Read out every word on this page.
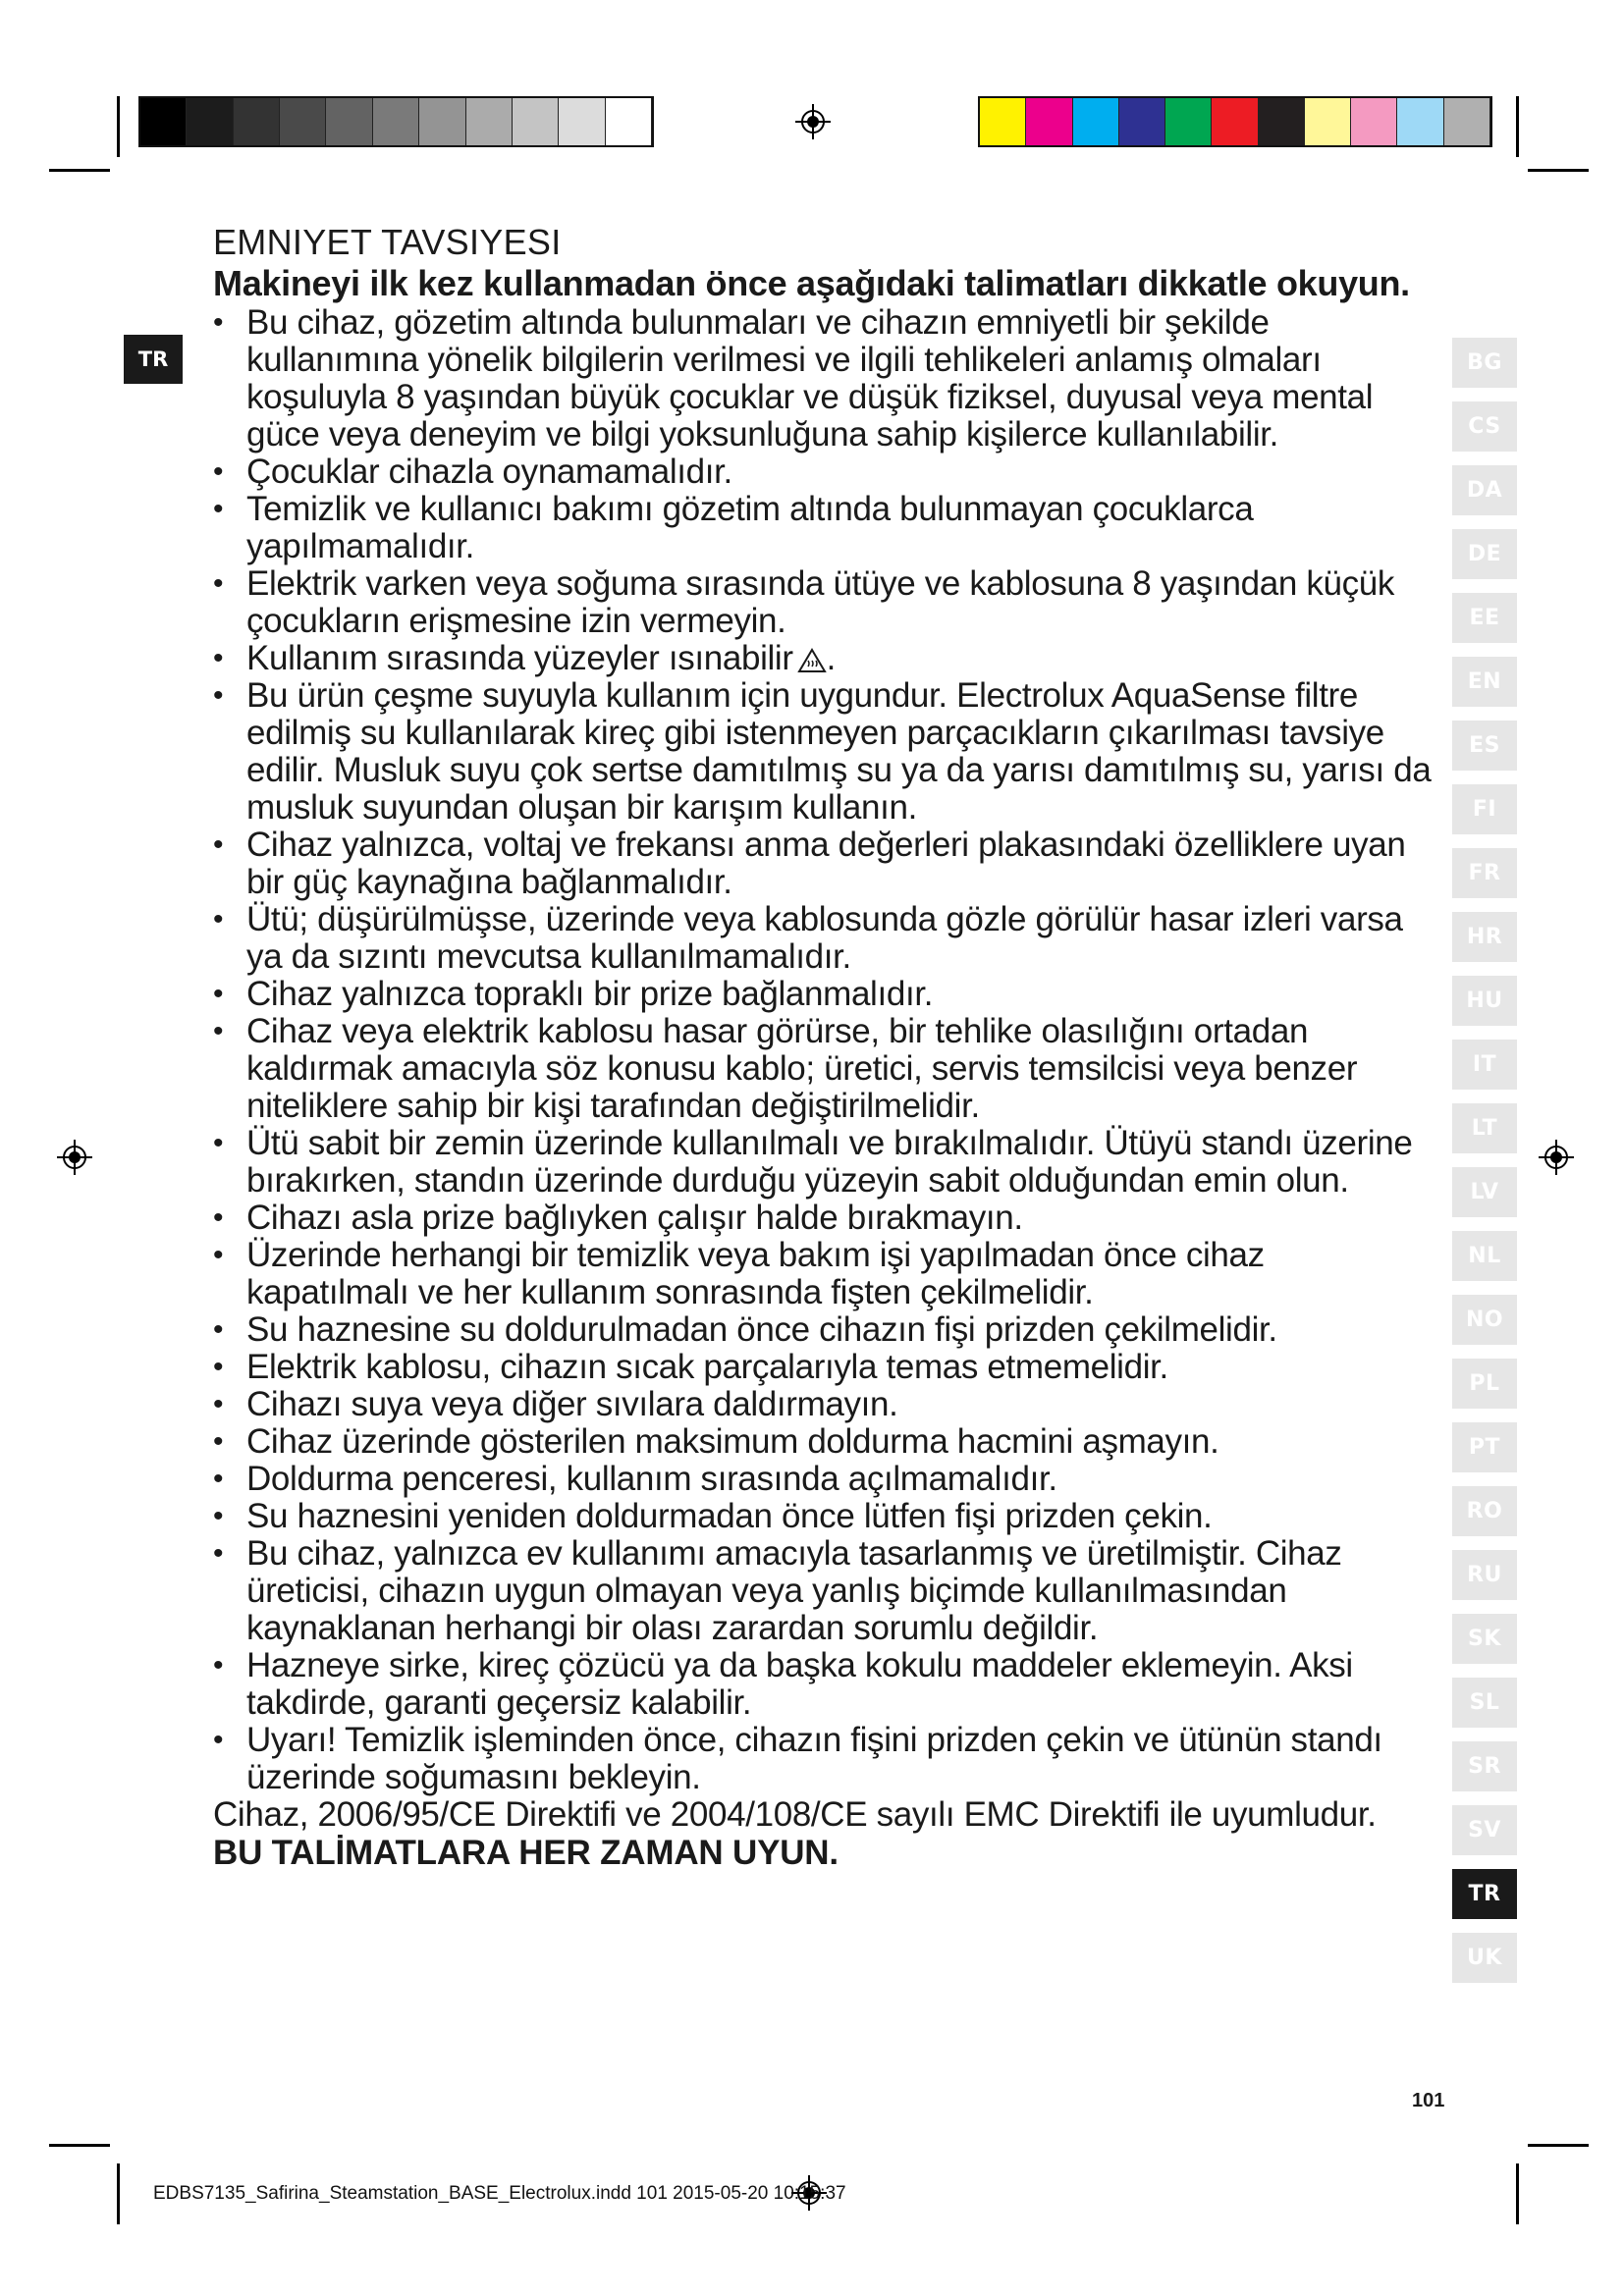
TR
EMNIYET TAVSIYESI

Makineyi ilk kez kullanmadan önce aşağıdaki talimatları dikkatle okuyun.

• Bu cihaz, gözetim altında bulunmaları ve cihazın emniyetli bir şekilde kullanımına yönelik bilgilerin verilmesi ve ilgili tehlikeleri anlamış olmaları koşuluyla 8 yaşından büyük çocuklar ve düşük fiziksel, duyusal veya mental güce veya deneyim ve bilgi yoksunluğuna sahip kişilerce kullanılabilir.
• Çocuklar cihazla oynamamalıdır.
• Temizlik ve kullanıcı bakımı gözetim altında bulunmayan çocuklarca yapılmamalıdır.
• Elektrik varken veya soğuma sırasında ütüye ve kablosuna 8 yaşından küçük çocukların erişmesine izin vermeyin.
• Kullanım sırasında yüzeyler ısınabilir .
• Bu ürün çeşme suyuyla kullanım için uygundur. Electrolux AquaSense filtre edilmiş su kullanılarak kireç gibi istenmeyen parçacıkların çıkarılması tavsiye edilir. Musluk suyu çok sertse damıtılmış su ya da yarısı damıtılmış su, yarısı da musluk suyundan oluşan bir karışım kullanın.
• Cihaz yalnızca, voltaj ve frekansı anma değerleri plakasındaki özelliklere uyan bir güç kaynağına bağlanmalıdır.
• Ütü; düşürülmüşse, üzerinde veya kablosunda gözle görülür hasar izleri varsa ya da sızıntı mevcutsa kullanılmamalıdır.
• Cihaz yalnızca topraklı bir prize bağlanmalıdır.
• Cihaz veya elektrik kablosu hasar görürse, bir tehlike olasılığını ortadan kaldırmak amacıyla söz konusu kablo; üretici, servis temsilcisi veya benzer niteliklere sahip bir kişi tarafından değiştirilmelidir.
• Ütü sabit bir zemin üzerinde kullanılmalı ve bırakılmalıdır. Ütüyü standı üzerine bırakırken, standın üzerinde durduğu yüzeyin sabit olduğundan emin olun.
• Cihazı asla prize bağlıyken çalışır halde bırakmayın.
• Üzerinde herhangi bir temizlik veya bakım işi yapılmadan önce cihaz kapatılmalı ve her kullanım sonrasında fişten çekilmelidir.
• Su haznesine su doldurulmadan önce cihazın fişi prizden çekilmelidir.
• Elektrik kablosu, cihazın sıcak parçalarıyla temas etmemelidir.
• Cihazı suya veya diğer sıvılara daldırmayın.
• Cihaz üzerinde gösterilen maksimum doldurma hacmini aşmayın.
• Doldurma penceresi, kullanım sırasında açılmamalıdır.
• Su haznesini yeniden doldurmadan önce lütfen fişi prizden çekin.
• Bu cihaz, yalnızca ev kullanımı amacıyla tasarlanmış ve üretilmiştir. Cihaz üreticisi, cihazın uygun olmayan veya yanlış biçimde kullanılmasından kaynaklanan herhangi bir olası zarardan sorumlu değildir.
• Hazneye sirke, kireç çözücü ya da başka kokulu maddeler eklemeyin. Aksi takdirde, garanti geçersiz kalabilir.
• Uyarı! Temizlik işleminden önce, cihazın fişini prizden çekin ve ütünün standı üzerinde soğumasını bekleyin.

Cihaz, 2006/95/CE Direktifi ve 2004/108/CE sayılı EMC Direktifi ile uyumludur.

BU TALİMATLARA HER ZAMAN UYUN.

BG
CS
DA
DE
EE
EN
ES
FI
FR
HR
HU
IT
LT
LV
NL
NO
PL
PT
RO
RU
SK
SL
SR
SV
TR
UK
101
EDBS7135_Safirina_Steamstation_BASE_Electrolux.indd 101 2015-05-20 10:15:37
